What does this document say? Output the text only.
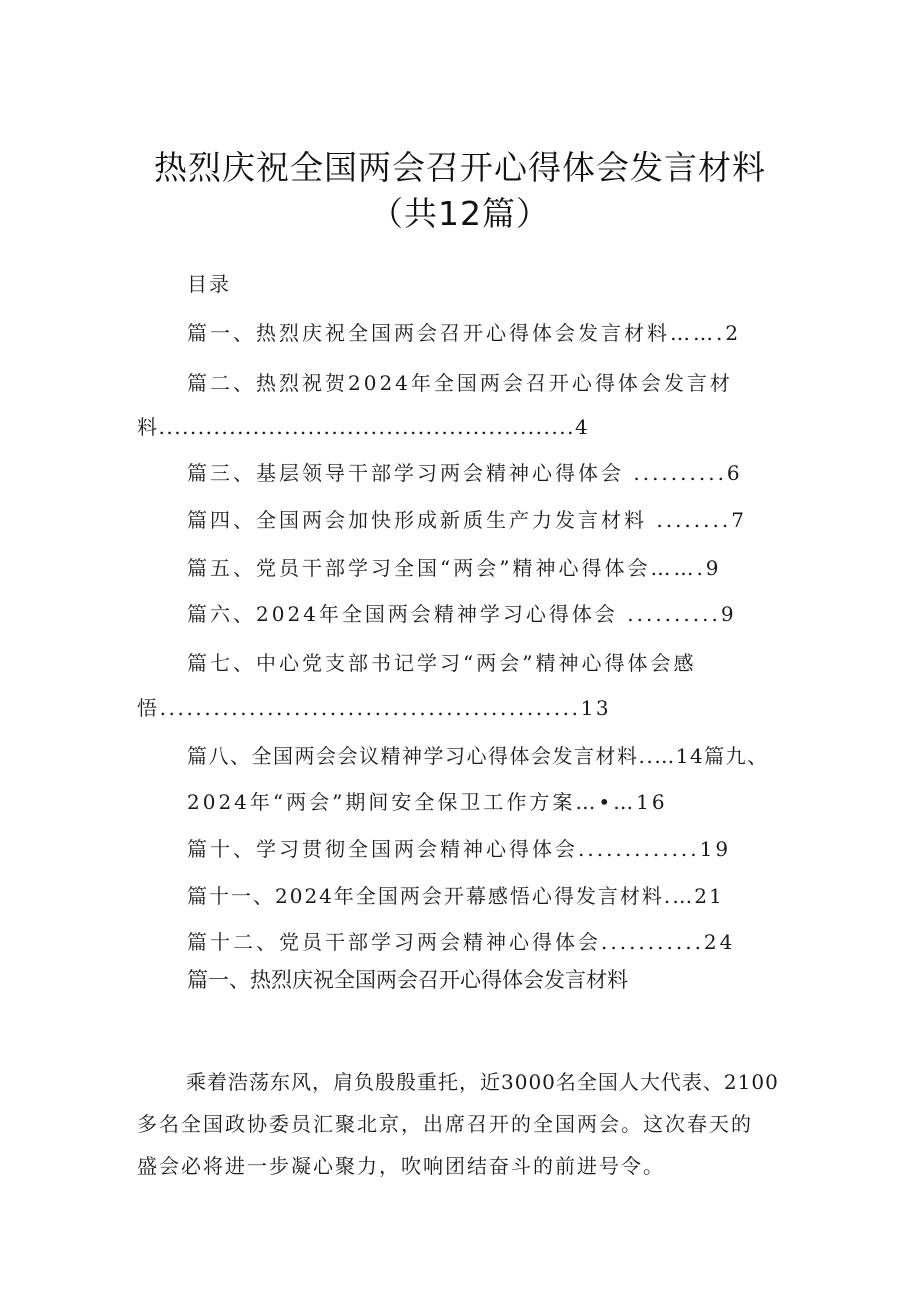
热烈庆祝全国两会召开心得体会发言材料
（共12篇）
目录
篇一、热烈庆祝全国两会召开心得体会发言材料…….2
篇二、热烈祝贺2024年全国两会召开心得体会发言材
料.....................................................4
篇三、基层领导干部学习两会精神心得体会 ..........6
篇四、全国两会加快形成新质生产力发言材料 ........7
篇五、党员干部学习全国“两会”精神心得体会…….9
篇六、2024年全国两会精神学习心得体会 ..........9
篇七、中心党支部书记学习“两会”精神心得体会感
悟...............................................13
篇八、全国两会会议精神学习心得体会发言材料..…14篇九、
2024年“两会”期间安全保卫工作方案…•…16
篇十、学习贯彻全国两会精神心得体会.............19
篇十一、2024年全国两会开幕感悟心得发言材料.…21
篇十二、党员干部学习两会精神心得体会...........24
篇一、热烈庆祝全国两会召开心得体会发言材料
乘着浩荡东风，肩负殷殷重托，近3000名全国人大代表、2100
多名全国政协委员汇聚北京，出席召开的全国两会。这次春天的
盛会必将进一步凝心聚力，吹响团结奋斗的前进号令。
